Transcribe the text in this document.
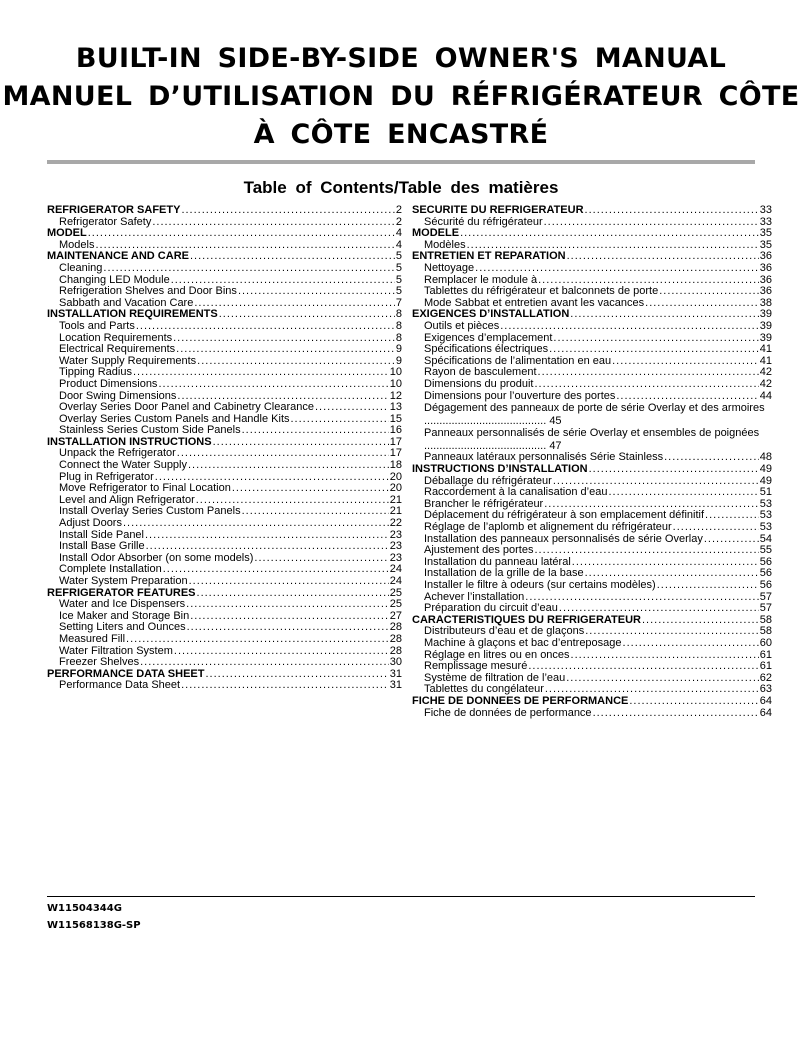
BUILT-IN SIDE-BY-SIDE OWNER'S MANUAL
MANUEL D’UTILISATION DU RÉFRIGÉRATEUR CÔTE
À CÔTE ENCASTRÉ
Table of Contents/Table des matières
REFRIGERATOR SAFETY .....	2
Refrigerator Safety .....	2
MODEL .....	4
Models .....	4
MAINTENANCE AND CARE .....	5
Cleaning .....	5
Changing LED Module .....	5
Refrigeration Shelves and Door Bins .....	5
Sabbath and Vacation Care .....	7
INSTALLATION REQUIREMENTS .....	8
Tools and Parts .....	8
Location Requirements .....	8
Electrical Requirements .....	9
Water Supply Requirements .....	9
Tipping Radius .....	10
Product Dimensions .....	10
Door Swing Dimensions .....	12
Overlay Series Door Panel and Cabinetry Clearance .....	13
Overlay Series Custom Panels and Handle Kits .....	15
Stainless Series Custom Side Panels .....	16
INSTALLATION INSTRUCTIONS .....	17
Unpack the Refrigerator .....	17
Connect the Water Supply .....	18
Plug in Refrigerator .....	20
Move Refrigerator to Final Location .....	20
Level and Align Refrigerator .....	21
Install Overlay Series Custom Panels .....	21
Adjust Doors .....	22
Install Side Panel .....	23
Install Base Grille .....	23
Install Odor Absorber (on some models) .....	23
Complete Installation .....	24
Water System Preparation .....	24
REFRIGERATOR FEATURES .....	25
Water and Ice Dispensers .....	25
Ice Maker and Storage Bin .....	27
Setting Liters and Ounces .....	28
Measured Fill .....	28
Water Filtration System .....	28
Freezer Shelves .....	30
PERFORMANCE DATA SHEET .....	31
Performance Data Sheet .....	31
SÉCURITÉ DU RÉFRIGÉRATEUR .....	33
Sécurité du réfrigérateur .....	33
MODÈLE .....	35
Modèles .....	35
ENTRETIEN ET RÉPARATION .....	36
Nettoyage .....	36
Remplacer le module à .....	36
Tablettes du réfrigérateur et balconnets de porte .....	36
Mode Sabbat et entretien avant les vacances .....	38
EXIGENCES D’INSTALLATION .....	39
Outils et pièces .....	39
Exigences d’emplacement .....	39
Spécifications électriques .....	41
Spécifications de l’alimentation en eau .....	41
Rayon de basculement .....	42
Dimensions du produit .....	42
Dimensions pour l’ouverture des portes .....	44
Dégagement des panneaux de porte de série Overlay et des armoires ........................................ 45
Panneaux personnalisés de série Overlay et ensembles de poignées ........................................ 47
Panneaux latéraux personnalisés Série Stainless .....	48
INSTRUCTIONS D’INSTALLATION .....	49
Déballage du réfrigérateur .....	49
Raccordement à la canalisation d’eau .....	51
Brancher le réfrigérateur .....	53
Déplacement du réfrigérateur à son emplacement définitif .....	53
Réglage de l’aplomb et alignement du réfrigérateur .....	53
Installation des panneaux personnalisés de série Overlay .....	54
Ajustement des portes .....	55
Installation du panneau latéral .....	56
Installation de la grille de la base .....	56
Installer le filtre à odeurs (sur certains modèles) .....	56
Achever l’installation .....	57
Préparation du circuit d’eau .....	57
CARACTÉRISTIQUES DU RÉFRIGÉRATEUR .....	58
Distributeurs d’eau et de glaçons .....	58
Machine à glaçons et bac d’entreposage .....	60
Réglage en litres ou en onces .....	61
Remplissage mesuré .....	61
Système de filtration de l’eau .....	62
Tablettes du congélateur .....	63
FICHE DE DONNÉES DE PERFORMANCE .....	64
Fiche de données de performance .....	64
W11504344G
W11568138G-SP
